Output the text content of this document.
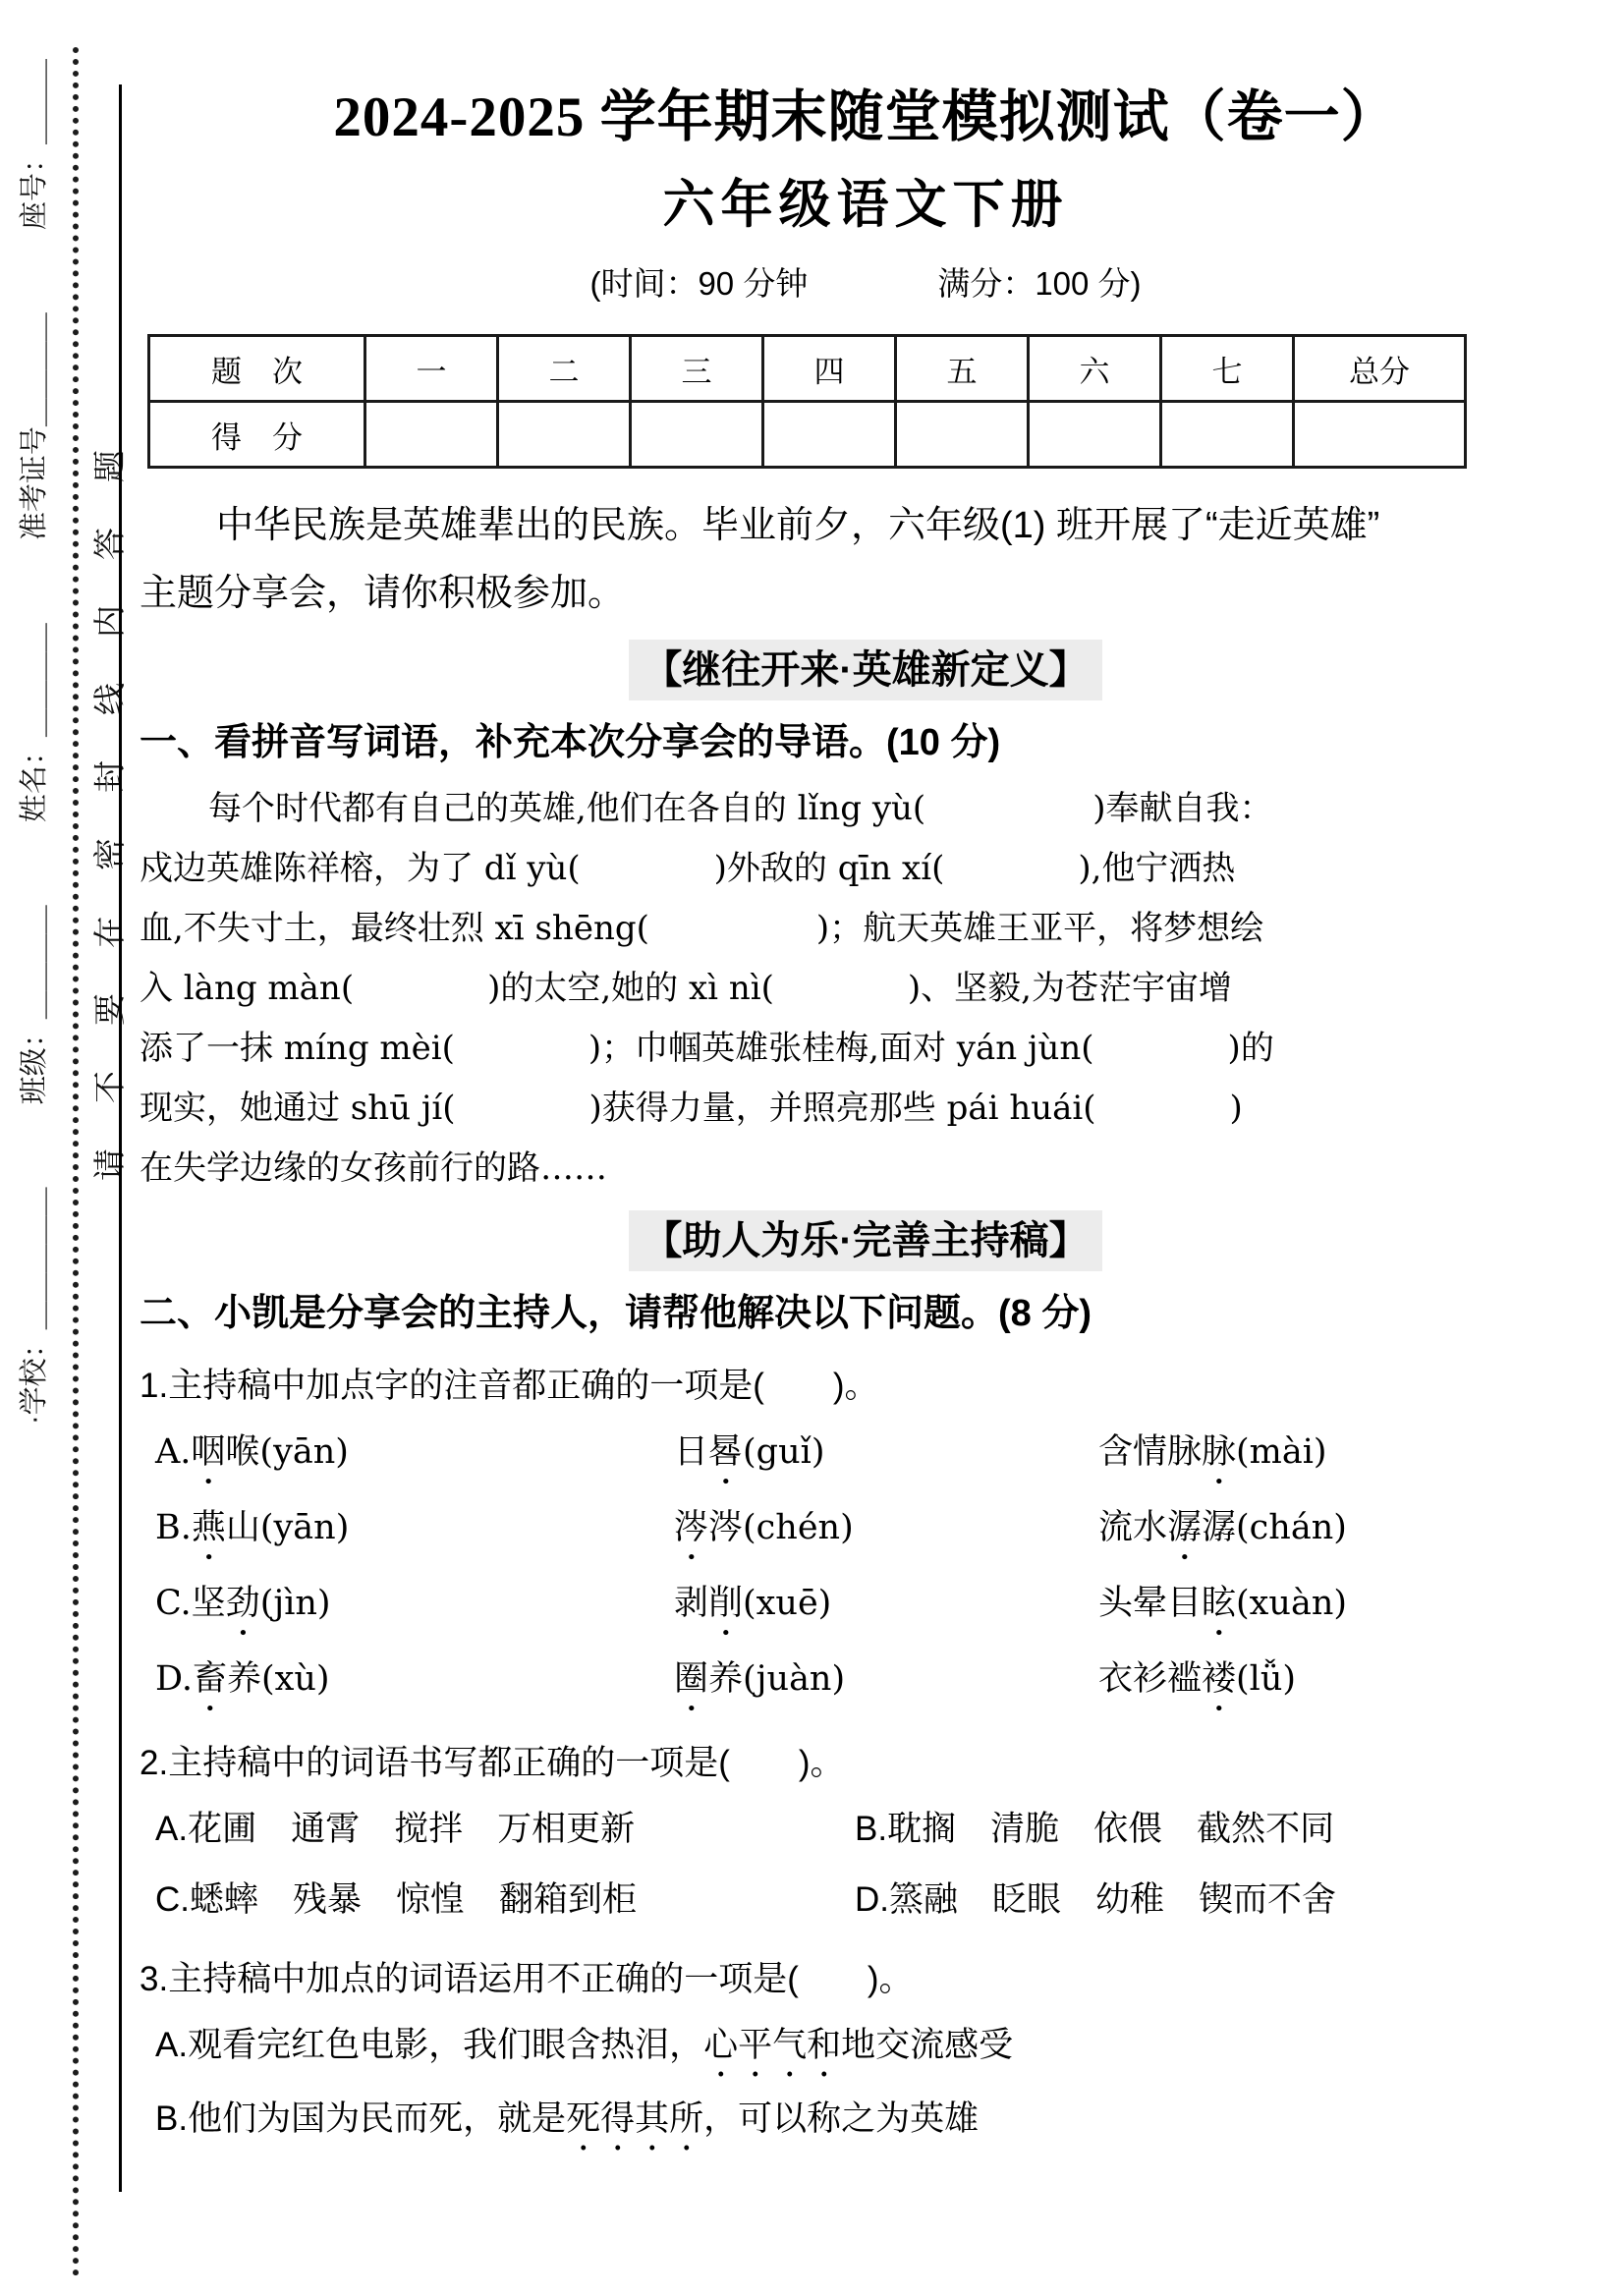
·学校：＿＿＿＿＿
班级：＿＿＿＿
姓名：＿＿＿＿
准考证号＿＿＿＿
座号：＿＿＿
请不要在密封线内答题
2024-2025 学年期末随堂模拟测试（卷一）
六年级语文下册
(时间：90 分钟　　　　满分：100 分)
题　次	一	二	三	四	五	六	七	总分
得　分								
中华民族是英雄辈出的民族。毕业前夕，六年级(1) 班开展了“走近英雄”
主题分享会，请你积极参加。
【继往开来·英雄新定义】
一、看拼音写词语，补充本次分享会的导语。(10 分)
每个时代都有自己的英雄,他们在各自的 lǐng yù(　　　　　)奉献自我：
戍边英雄陈祥榕，为了 dǐ yù(　　　　)外敌的 qīn xí(　　　　),他宁洒热
血,不失寸土，最终壮烈 xī shēng(　　　　　)；航天英雄王亚平，将梦想绘
入 làng màn(　　　　)的太空,她的 xì nì(　　　　)、坚毅,为苍茫宇宙增
添了一抹 míng mèi(　　　　)；巾帼英雄张桂梅,面对 yán jùn(　　　　)的
现实，她通过 shū jí(　　　　)获得力量，并照亮那些 pái huái(　　　　)
在失学边缘的女孩前行的路……
【助人为乐·完善主持稿】
二、小凯是分享会的主持人，请帮他解决以下问题。(8 分)
1.主持稿中加点字的注音都正确的一项是(　　)。
A.咽喉(yān)	日晷(guǐ)	含情脉脉(mài)
B.燕山(yān)	涔涔(chén)	流水潺潺(chán)
C.坚劲(jìn)	剥削(xuē)	头晕目眩(xuàn)
D.畜养(xù)	圈养(juàn)	衣衫褴褛(lǚ)
2.主持稿中的词语书写都正确的一项是(　　)。
A.花圃　通霄　搅拌　万相更新	B.耽搁　清脆　依偎　截然不同
C.蟋蟀　残暴　惊惶　翻箱到柜	D.篜融　眨眼　幼稚　锲而不舍
3.主持稿中加点的词语运用不正确的一项是(　　)。
A.观看完红色电影，我们眼含热泪，心平气和地交流感受
B.他们为国为民而死，就是死得其所，可以称之为英雄
